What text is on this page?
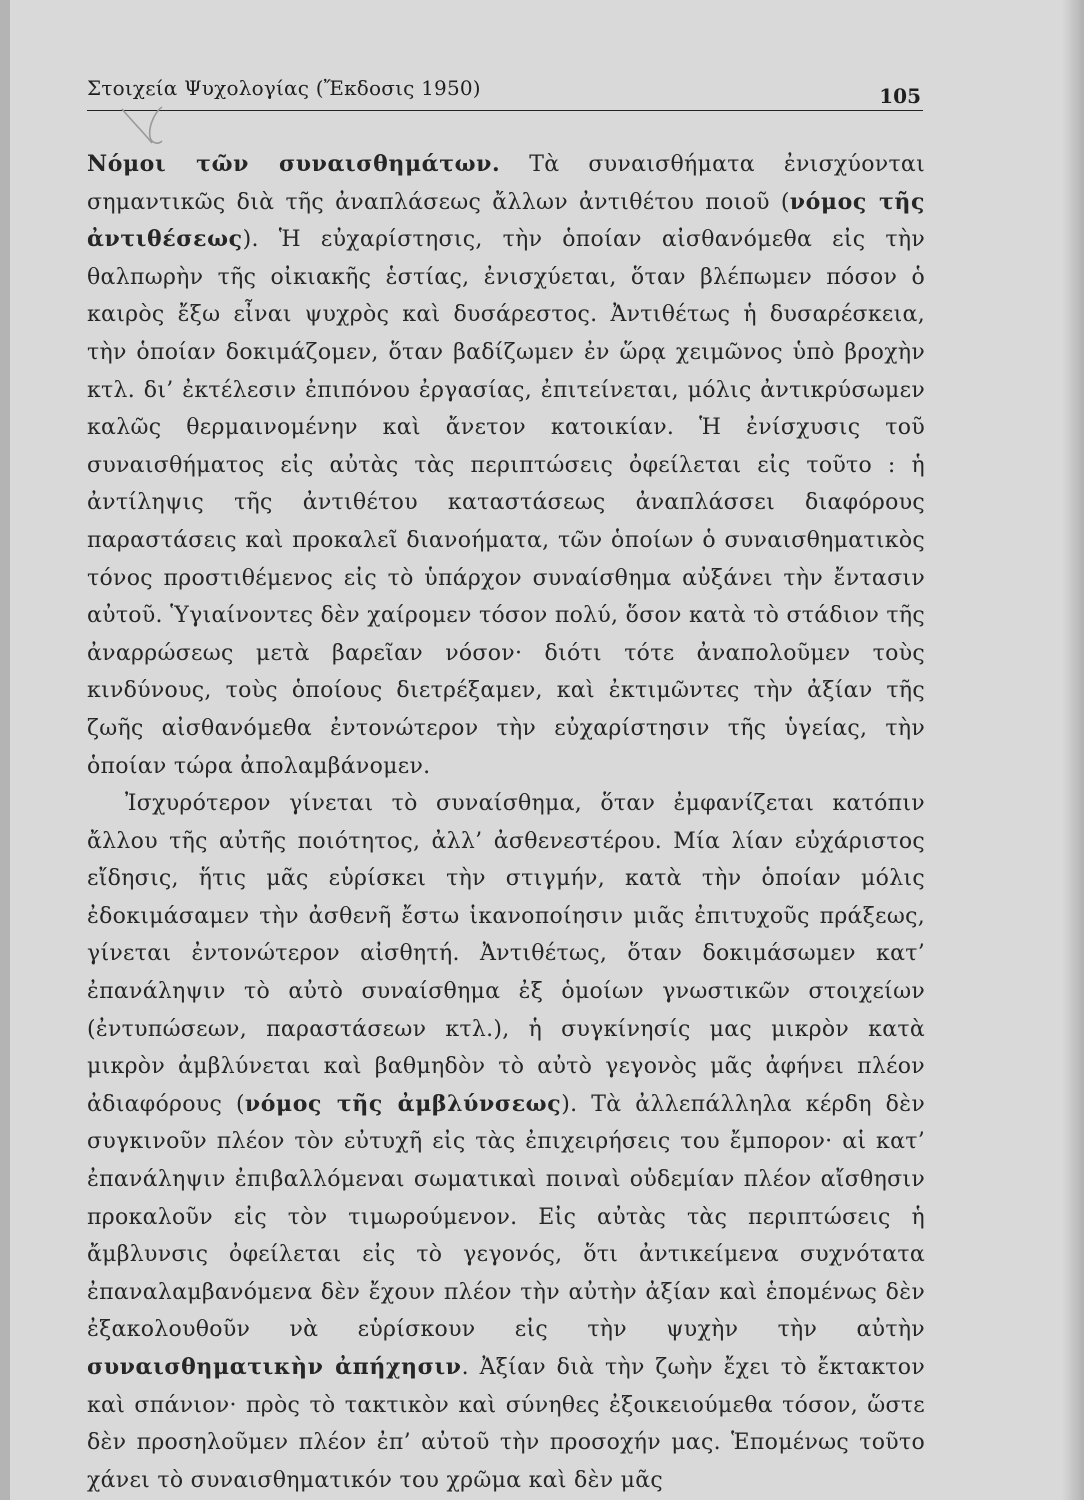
Στοιχεία Ψυχολογίας (Ἔκδοσις 1950)	105

Νόμοι τῶν συναισθημάτων. Τὰ συναισθήματα ἐνισχύονται σημαντικῶς διὰ τῆς ἀναπλάσεως ἄλλων ἀντιθέτου ποιοῦ (νόμος τῆς ἀντιθέσεως). Ἡ εὐχαρίστησις, τὴν ὁποίαν αἰσθανόμεθα εἰς τὴν θαλπωρὴν τῆς οἰκιακῆς ἑστίας, ἐνισχύεται, ὅταν βλέπωμεν πόσον ὁ καιρὸς ἔξω εἶναι ψυχρὸς καὶ δυσάρεστος. Ἀντιθέτως ἡ δυσαρέσκεια, τὴν ὁποίαν δοκιμάζομεν, ὅταν βαδίζωμεν ἐν ὥρᾳ χειμῶνος ὑπὸ βροχὴν κτλ. δι’ ἐκτέλεσιν ἐπιπόνου ἐργασίας, ἐπιτείνεται, μόλις ἀντικρύσωμεν καλῶς θερμαινομένην καὶ ἄνετον κατοικίαν. Ἡ ἐνίσχυσις τοῦ συναισθήματος εἰς αὐτὰς τὰς περιπτώσεις ὀφείλεται εἰς τοῦτο : ἡ ἀντίληψις τῆς ἀντιθέτου καταστάσεως ἀναπλάσσει διαφόρους παραστάσεις καὶ προκαλεῖ διανοήματα, τῶν ὁποίων ὁ συναισθηματικὸς τόνος προστιθέμενος εἰς τὸ ὑπάρχον συναίσθημα αὐξάνει τὴν ἔντασιν αὐτοῦ. Ὑγιαίνοντες δὲν χαίρομεν τόσον πολύ, ὅσον κατὰ τὸ στάδιον τῆς ἀναρρώσεως μετὰ βαρεῖαν νόσον· διότι τότε ἀναπολοῦμεν τοὺς κινδύνους, τοὺς ὁποίους διετρέξαμεν, καὶ ἐκτιμῶντες τὴν ἀξίαν τῆς ζωῆς αἰσθανόμεθα ἐντονώτερον τὴν εὐχαρίστησιν τῆς ὑγείας, τὴν ὁποίαν τώρα ἀπολαμβάνομεν.

Ἰσχυρότερον γίνεται τὸ συναίσθημα, ὅταν ἐμφανίζεται κατόπιν ἄλλου τῆς αὐτῆς ποιότητος, ἀλλ’ ἀσθενεστέρου. Μία λίαν εὐχάριστος εἴδησις, ἥτις μᾶς εὑρίσκει τὴν στιγμήν, κατὰ τὴν ὁποίαν μόλις ἐδοκιμάσαμεν τὴν ἀσθενῆ ἔστω ἱκανοποίησιν μιᾶς ἐπιτυχοῦς πράξεως, γίνεται ἐντονώτερον αἰσθητή. Ἀντιθέτως, ὅταν δοκιμάσωμεν κατ’ ἐπανάληψιν τὸ αὐτὸ συναίσθημα ἐξ ὁμοίων γνωστικῶν στοιχείων (ἐντυπώσεων, παραστάσεων κτλ.), ἡ συγκίνησίς μας μικρὸν κατὰ μικρὸν ἀμβλύνεται καὶ βαθμηδὸν τὸ αὐτὸ γεγονὸς μᾶς ἀφήνει πλέον ἀδιαφόρους (νόμος τῆς ἀμβλύνσεως). Τὰ ἀλλεπάλληλα κέρδη δὲν συγκινοῦν πλέον τὸν εὐτυχῆ εἰς τὰς ἐπιχειρήσεις του ἔμπορον· αἱ κατ’ ἐπανάληψιν ἐπιβαλλόμεναι σωματικαὶ ποιναὶ οὐδεμίαν πλέον αἴσθησιν προκαλοῦν εἰς τὸν τιμωρούμενον. Εἰς αὐτὰς τὰς περιπτώσεις ἡ ἄμβλυνσις ὀφείλεται εἰς τὸ γεγονός, ὅτι ἀντικείμενα συχνότατα ἐπαναλαμβανόμενα δὲν ἔχουν πλέον τὴν αὐτὴν ἀξίαν καὶ ἑπομένως δὲν ἐξακολουθοῦν νὰ εὑρίσκουν εἰς τὴν ψυχὴν τὴν αὐτὴν συναισθηματικὴν ἀπήχησιν. Ἀξίαν διὰ τὴν ζωὴν ἔχει τὸ ἔκτακτον καὶ σπάνιον· πρὸς τὸ τακτικὸν καὶ σύνηθες ἐξοικειούμεθα τόσον, ὥστε δὲν προσηλοῦμεν πλέον ἐπ’ αὐτοῦ τὴν προσοχήν μας. Ἑπομένως τοῦτο χάνει τὸ συναισθηματικόν του χρῶμα καὶ δὲν μᾶς
